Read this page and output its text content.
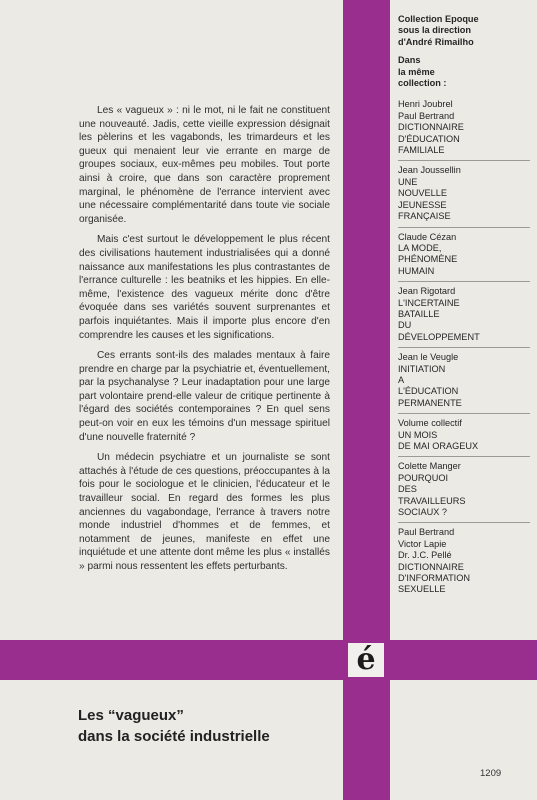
é

Les « vagueux » : ni le mot, ni le fait ne constituent une nouveauté. Jadis, cette vieille expression désignait les pèlerins et les vagabonds, les trimardeurs et les gueux qui menaient leur vie errante en marge de groupes sociaux, eux-mêmes peu mobiles. Tout porte ainsi à croire, que dans son caractère proprement marginal, le phénomène de l'errance intervient avec une nécessaire complémentarité dans toute vie sociale organisée.

Mais c'est surtout le développement le plus récent des civilisations hautement industrialisées qui a donné naissance aux manifestations les plus contrastantes de l'errance culturelle : les beatniks et les hippies. En elle-même, l'existence des vagueux mérite donc d'être évoquée dans ses variétés souvent surprenantes et parfois inquiétantes. Mais il importe plus encore d'en comprendre les causes et les significations.

Ces errants sont-ils des malades mentaux à faire prendre en charge par la psychiatrie et, éventuellement, par la psychanalyse ? Leur inadaptation pour une large part volontaire prend-elle valeur de critique pertinente à l'égard des sociétés contemporaines ? En quel sens peut-on voir en eux les témoins d'un message spirituel d'une nouvelle fraternité ?

Un médecin psychiatre et un journaliste se sont attachés à l'étude de ces questions, préoccupantes à la fois pour le sociologue et le clinicien, l'éducateur et le travailleur social. En regard des formes les plus anciennes du vagabondage, l'errance à travers notre monde industriel d'hommes et de femmes, et notamment de jeunes, manifeste en effet une inquiétude et une attente dont même les plus « installés » parmi nous ressentent les effets perturbants.

Collection Epoque
sous la direction
d'André Rimailho
Dans
la même
collection :
Henri Joubrel
Paul Bertrand
DICTIONNAIRE
D'ÉDUCATION
FAMILIALE
Jean Joussellin
UNE
NOUVELLE
JEUNESSE
FRANÇAISE
Claude Cézan
LA MODE,
PHÉNOMÈNE
HUMAIN
Jean Rigotard
L'INCERTAINE
BATAILLE
DU
DÉVELOPPEMENT
Jean le Veugle
INITIATION
A
L'ÉDUCATION
PERMANENTE
Volume collectif
UN MOIS
DE MAI ORAGEUX
Colette Manger
POURQUOI
DES
TRAVAILLEURS
SOCIAUX ?
Paul Bertrand
Victor Lapie
Dr. J.C. Pellé
DICTIONNAIRE
D'INFORMATION
SEXUELLE
Les “vagueux”
dans la société industrielle
1209
